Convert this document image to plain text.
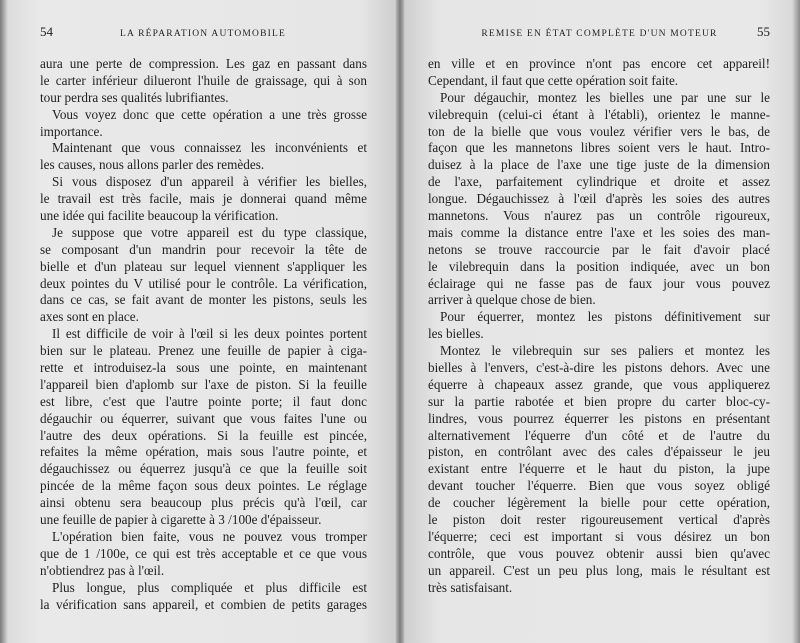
54	LA RÉPARATION AUTOMOBILE
aura une perte de compression. Les gaz en passant dans
le carter inférieur dilueront l'huile de graissage, qui à son
tour perdra ses qualités lubrifiantes.
Vous voyez donc que cette opération a une très grosse
importance.
Maintenant que vous connaissez les inconvénients et
les causes, nous allons parler des remèdes.
Si vous disposez d'un appareil à vérifier les bielles,
le travail est très facile, mais je donnerai quand même
une idée qui facilite beaucoup la vérification.
Je suppose que votre appareil est du type classique,
se composant d'un mandrin pour recevoir la tête de
bielle et d'un plateau sur lequel viennent s'appliquer les
deux pointes du V utilisé pour le contrôle. La vérification,
dans ce cas, se fait avant de monter les pistons, seuls les
axes sont en place.
Il est difficile de voir à l'œil si les deux pointes portent
bien sur le plateau. Prenez une feuille de papier à ciga-
rette et introduisez-la sous une pointe, en maintenant
l'appareil bien d'aplomb sur l'axe de piston. Si la feuille
est libre, c'est que l'autre pointe porte; il faut donc
dégauchir ou équerrer, suivant que vous faites l'une ou
l'autre des deux opérations. Si la feuille est pincée,
refaites la même opération, mais sous l'autre pointe, et
dégauchissez ou équerrez jusqu'à ce que la feuille soit
pincée de la même façon sous deux pointes. Le réglage
ainsi obtenu sera beaucoup plus précis qu'à l'œil, car
une feuille de papier à cigarette à 3 /100e d'épaisseur.
L'opération bien faite, vous ne pouvez vous tromper
que de 1 /100e, ce qui est très acceptable et ce que vous
n'obtiendrez pas à l'œil.
Plus longue, plus compliquée et plus difficile est
la vérification sans appareil, et combien de petits garages
REMISE EN ÉTAT COMPLÈTE D'UN MOTEUR	55
en ville et en province n'ont pas encore cet appareil!
Cependant, il faut que cette opération soit faite.
Pour dégauchir, montez les bielles une par une sur le
vilebrequin (celui-ci étant à l'établi), orientez le manne-
ton de la bielle que vous voulez vérifier vers le bas, de
façon que les mannetons libres soient vers le haut. Intro-
duisez à la place de l'axe une tige juste de la dimension
de l'axe, parfaitement cylindrique et droite et assez
longue. Dégauchissez à l'œil d'après les soies des autres
mannetons. Vous n'aurez pas un contrôle rigoureux,
mais comme la distance entre l'axe et les soies des man-
netons se trouve raccourcie par le fait d'avoir placé
le vilebrequin dans la position indiquée, avec un bon
éclairage qui ne fasse pas de faux jour vous pouvez
arriver à quelque chose de bien.
Pour équerrer, montez les pistons définitivement sur
les bielles.
Montez le vilebrequin sur ses paliers et montez les
bielles à l'envers, c'est-à-dire les pistons dehors. Avec une
équerre à chapeaux assez grande, que vous appliquerez
sur la partie rabotée et bien propre du carter bloc-cy-
lindres, vous pourrez équerrer les pistons en présentant
alternativement l'équerre d'un côté et de l'autre du
piston, en contrôlant avec des cales d'épaisseur le jeu
existant entre l'équerre et le haut du piston, la jupe
devant toucher l'équerre. Bien que vous soyez obligé
de coucher légèrement la bielle pour cette opération,
le piston doit rester rigoureusement vertical d'après
l'équerre; ceci est important si vous désirez un bon
contrôle, que vous pouvez obtenir aussi bien qu'avec
un appareil. C'est un peu plus long, mais le résultant est
très satisfaisant.
